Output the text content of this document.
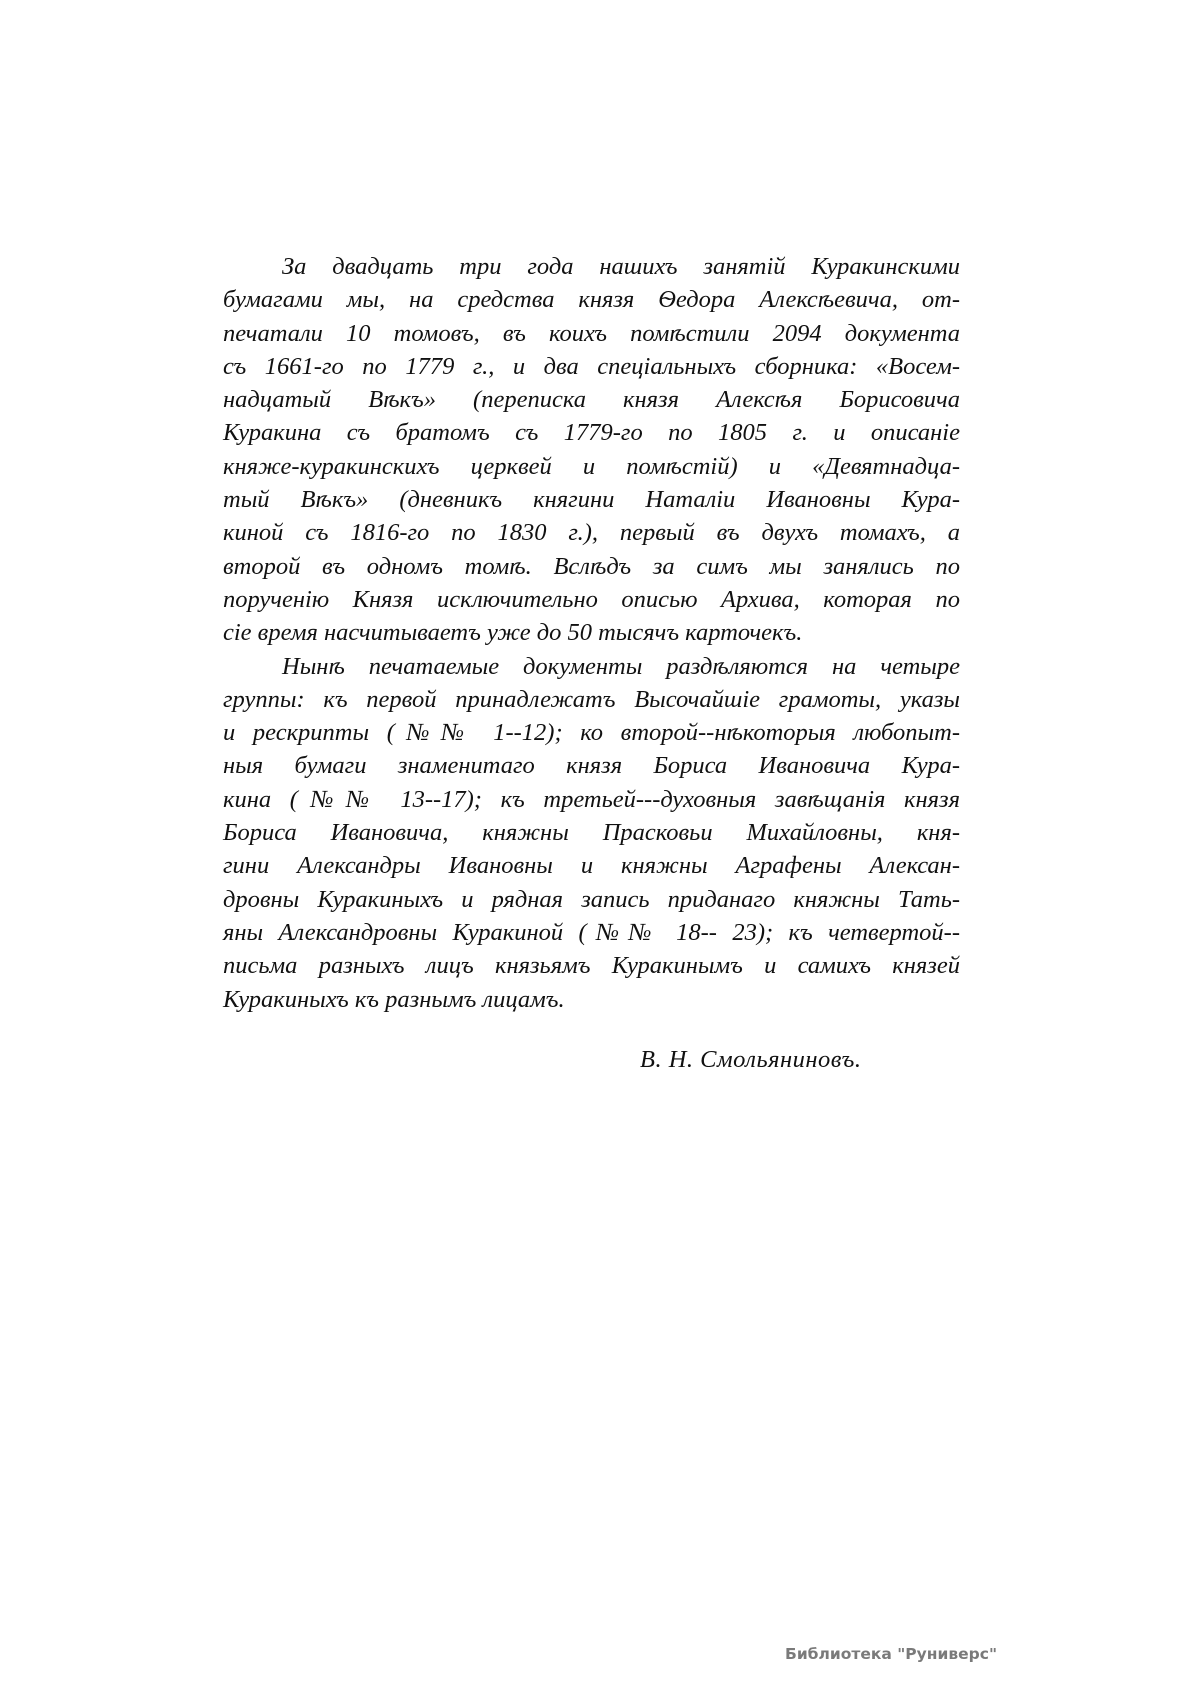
За двадцать три года нашихъ занятій Куракинскими
бумагами мы, на средства князя Ѳедора Алексѣевича, от-
печатали 10 томовъ, въ коихъ помѣстили 2094 документа
съ 1661-го по 1779 г., и два спеціальныхъ сборника: «Восем-
надцатый Вѣкъ» (переписка князя Алексѣя Борисовича
Куракина съ братомъ съ 1779-го по 1805 г. и описаніе
княже-куракинскихъ церквей и помѣстій) и «Девятнадца-
тый Вѣкъ» (дневникъ княгини Наталіи Ивановны Кура-
киной съ 1816-го по 1830 г.), первый въ двухъ томахъ, а
второй въ одномъ томѣ. Вслѣдъ за симъ мы занялись по
порученію Князя исключительно описью Архива, которая по
сіе время насчитываетъ уже до 50 тысячъ карточекъ.
Нынѣ печатаемые документы раздѣляются на четыре
группы: къ первой принадлежатъ Высочайшіе грамоты, указы
и рескрипты (№№ 1--12); ко второй--нѣкоторыя любопыт-
ныя бумаги знаменитаго князя Бориса Ивановича Кура-
кина (№№ 13--17); къ третьей---духовныя завѣщанія князя
Бориса Ивановича, княжны Прасковьи Михайловны, кня-
гини Александры Ивановны и княжны Аграфены Алексан-
дровны Куракиныхъ и рядная запись приданаго княжны Тать-
яны Александровны Куракиной (№№ 18-- 23); къ четвертой--
письма разныхъ лицъ князьямъ Куракинымъ и самихъ князей
Куракиныхъ къ разнымъ лицамъ.
В. Н. Смольяниновъ.
Библиотека "Руниверс"
